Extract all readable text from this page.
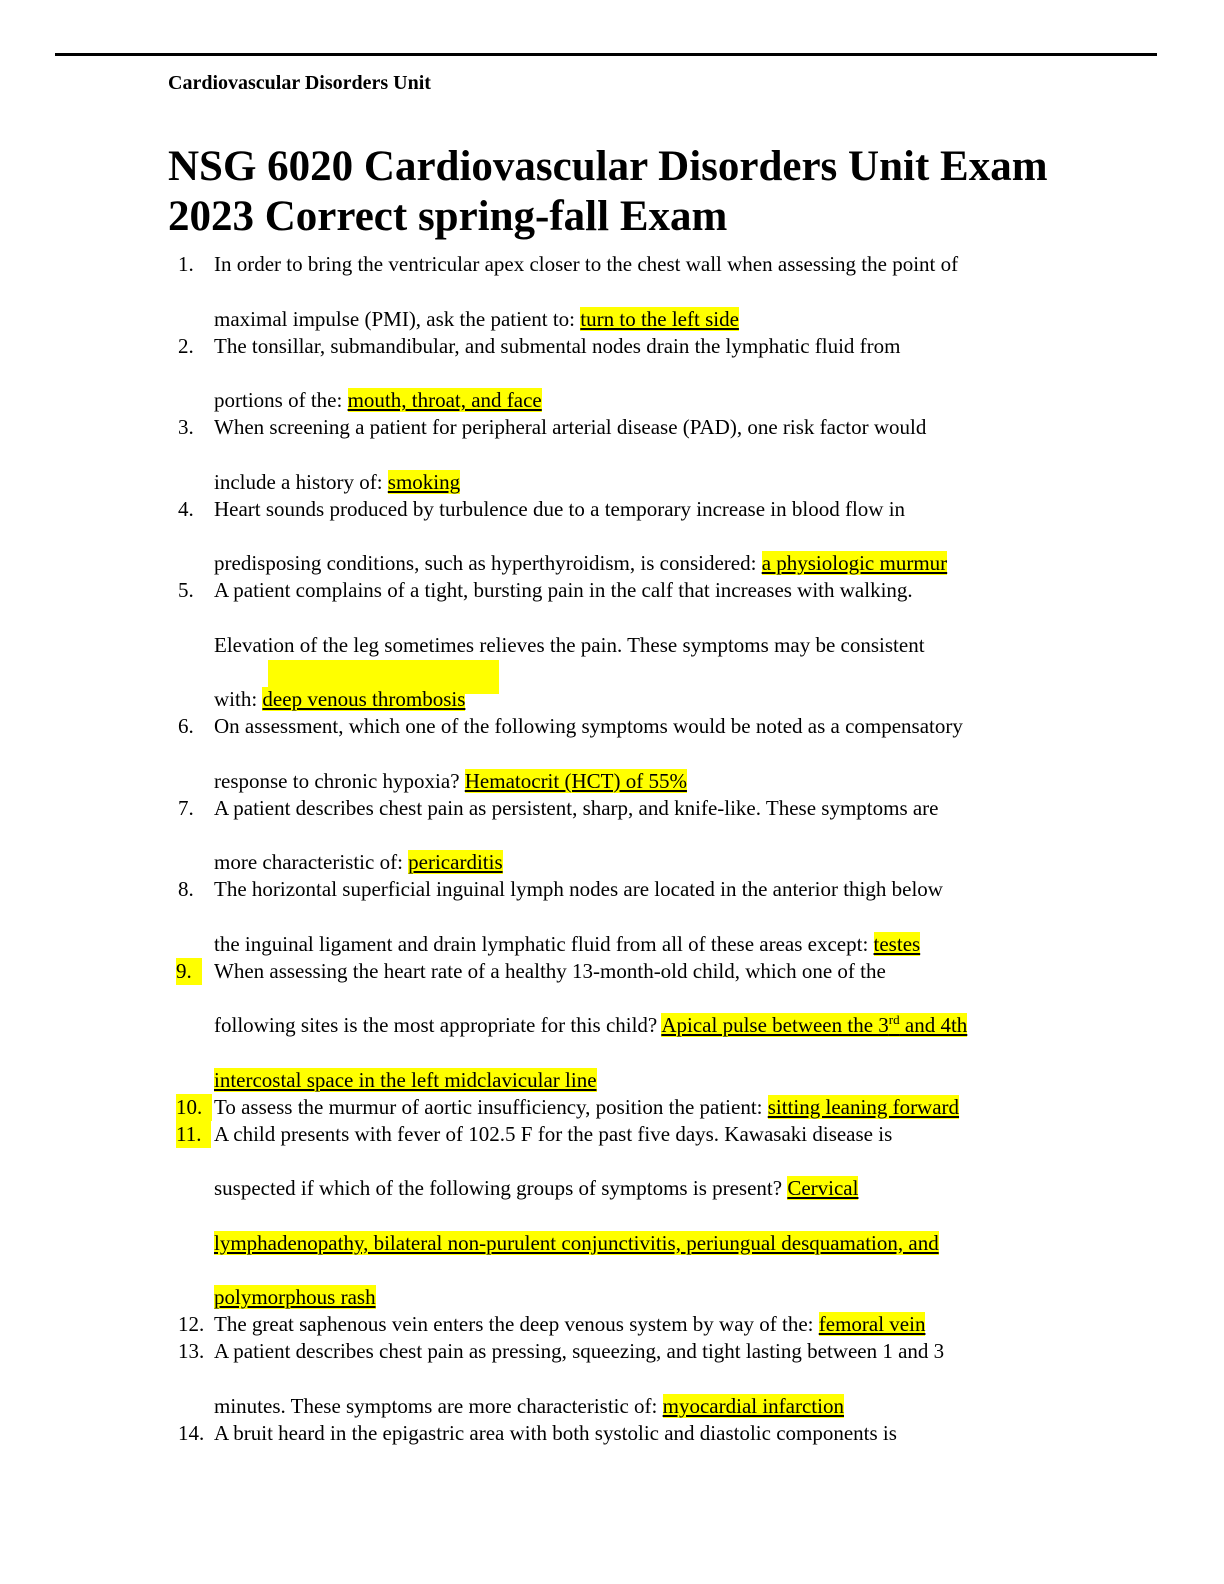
Cardiovascular Disorders Unit
NSG 6020 Cardiovascular Disorders Unit Exam 2023 Correct spring-fall Exam
1. In order to bring the ventricular apex closer to the chest wall when assessing the point of
maximal impulse (PMI), ask the patient to: turn to the left side
2. The tonsillar, submandibular, and submental nodes drain the lymphatic fluid from
portions of the: mouth, throat, and face
3. When screening a patient for peripheral arterial disease (PAD), one risk factor would
include a history of: smoking
4. Heart sounds produced by turbulence due to a temporary increase in blood flow in
predisposing conditions, such as hyperthyroidism, is considered: a physiologic murmur
5. A patient complains of a tight, bursting pain in the calf that increases with walking.
Elevation of the leg sometimes relieves the pain. These symptoms may be consistent
with: deep venous thrombosis
6. On assessment, which one of the following symptoms would be noted as a compensatory
response to chronic hypoxia? Hematocrit (HCT) of 55%
7. A patient describes chest pain as persistent, sharp, and knife-like. These symptoms are
more characteristic of: pericarditis
8. The horizontal superficial inguinal lymph nodes are located in the anterior thigh below
the inguinal ligament and drain lymphatic fluid from all of these areas except: testes
9.	When assessing the heart rate of a healthy 13-month-old child, which one of the
following sites is the most appropriate for this child? Apical pulse between the 3rd and 4th
intercostal space in the left midclavicular line
10. To assess the murmur of aortic insufficiency, position the patient: sitting leaning forward
11. A child presents with fever of 102.5 F for the past five days. Kawasaki disease is
suspected if which of the following groups of symptoms is present? Cervical
lymphadenopathy, bilateral non-purulent conjunctivitis, periungual desquamation, and
polymorphous rash
12. The great saphenous vein enters the deep venous system by way of the: femoral vein
13. A patient describes chest pain as pressing, squeezing, and tight lasting between 1 and 3
minutes. These symptoms are more characteristic of: myocardial infarction
14. A bruit heard in the epigastric area with both systolic and diastolic components is
